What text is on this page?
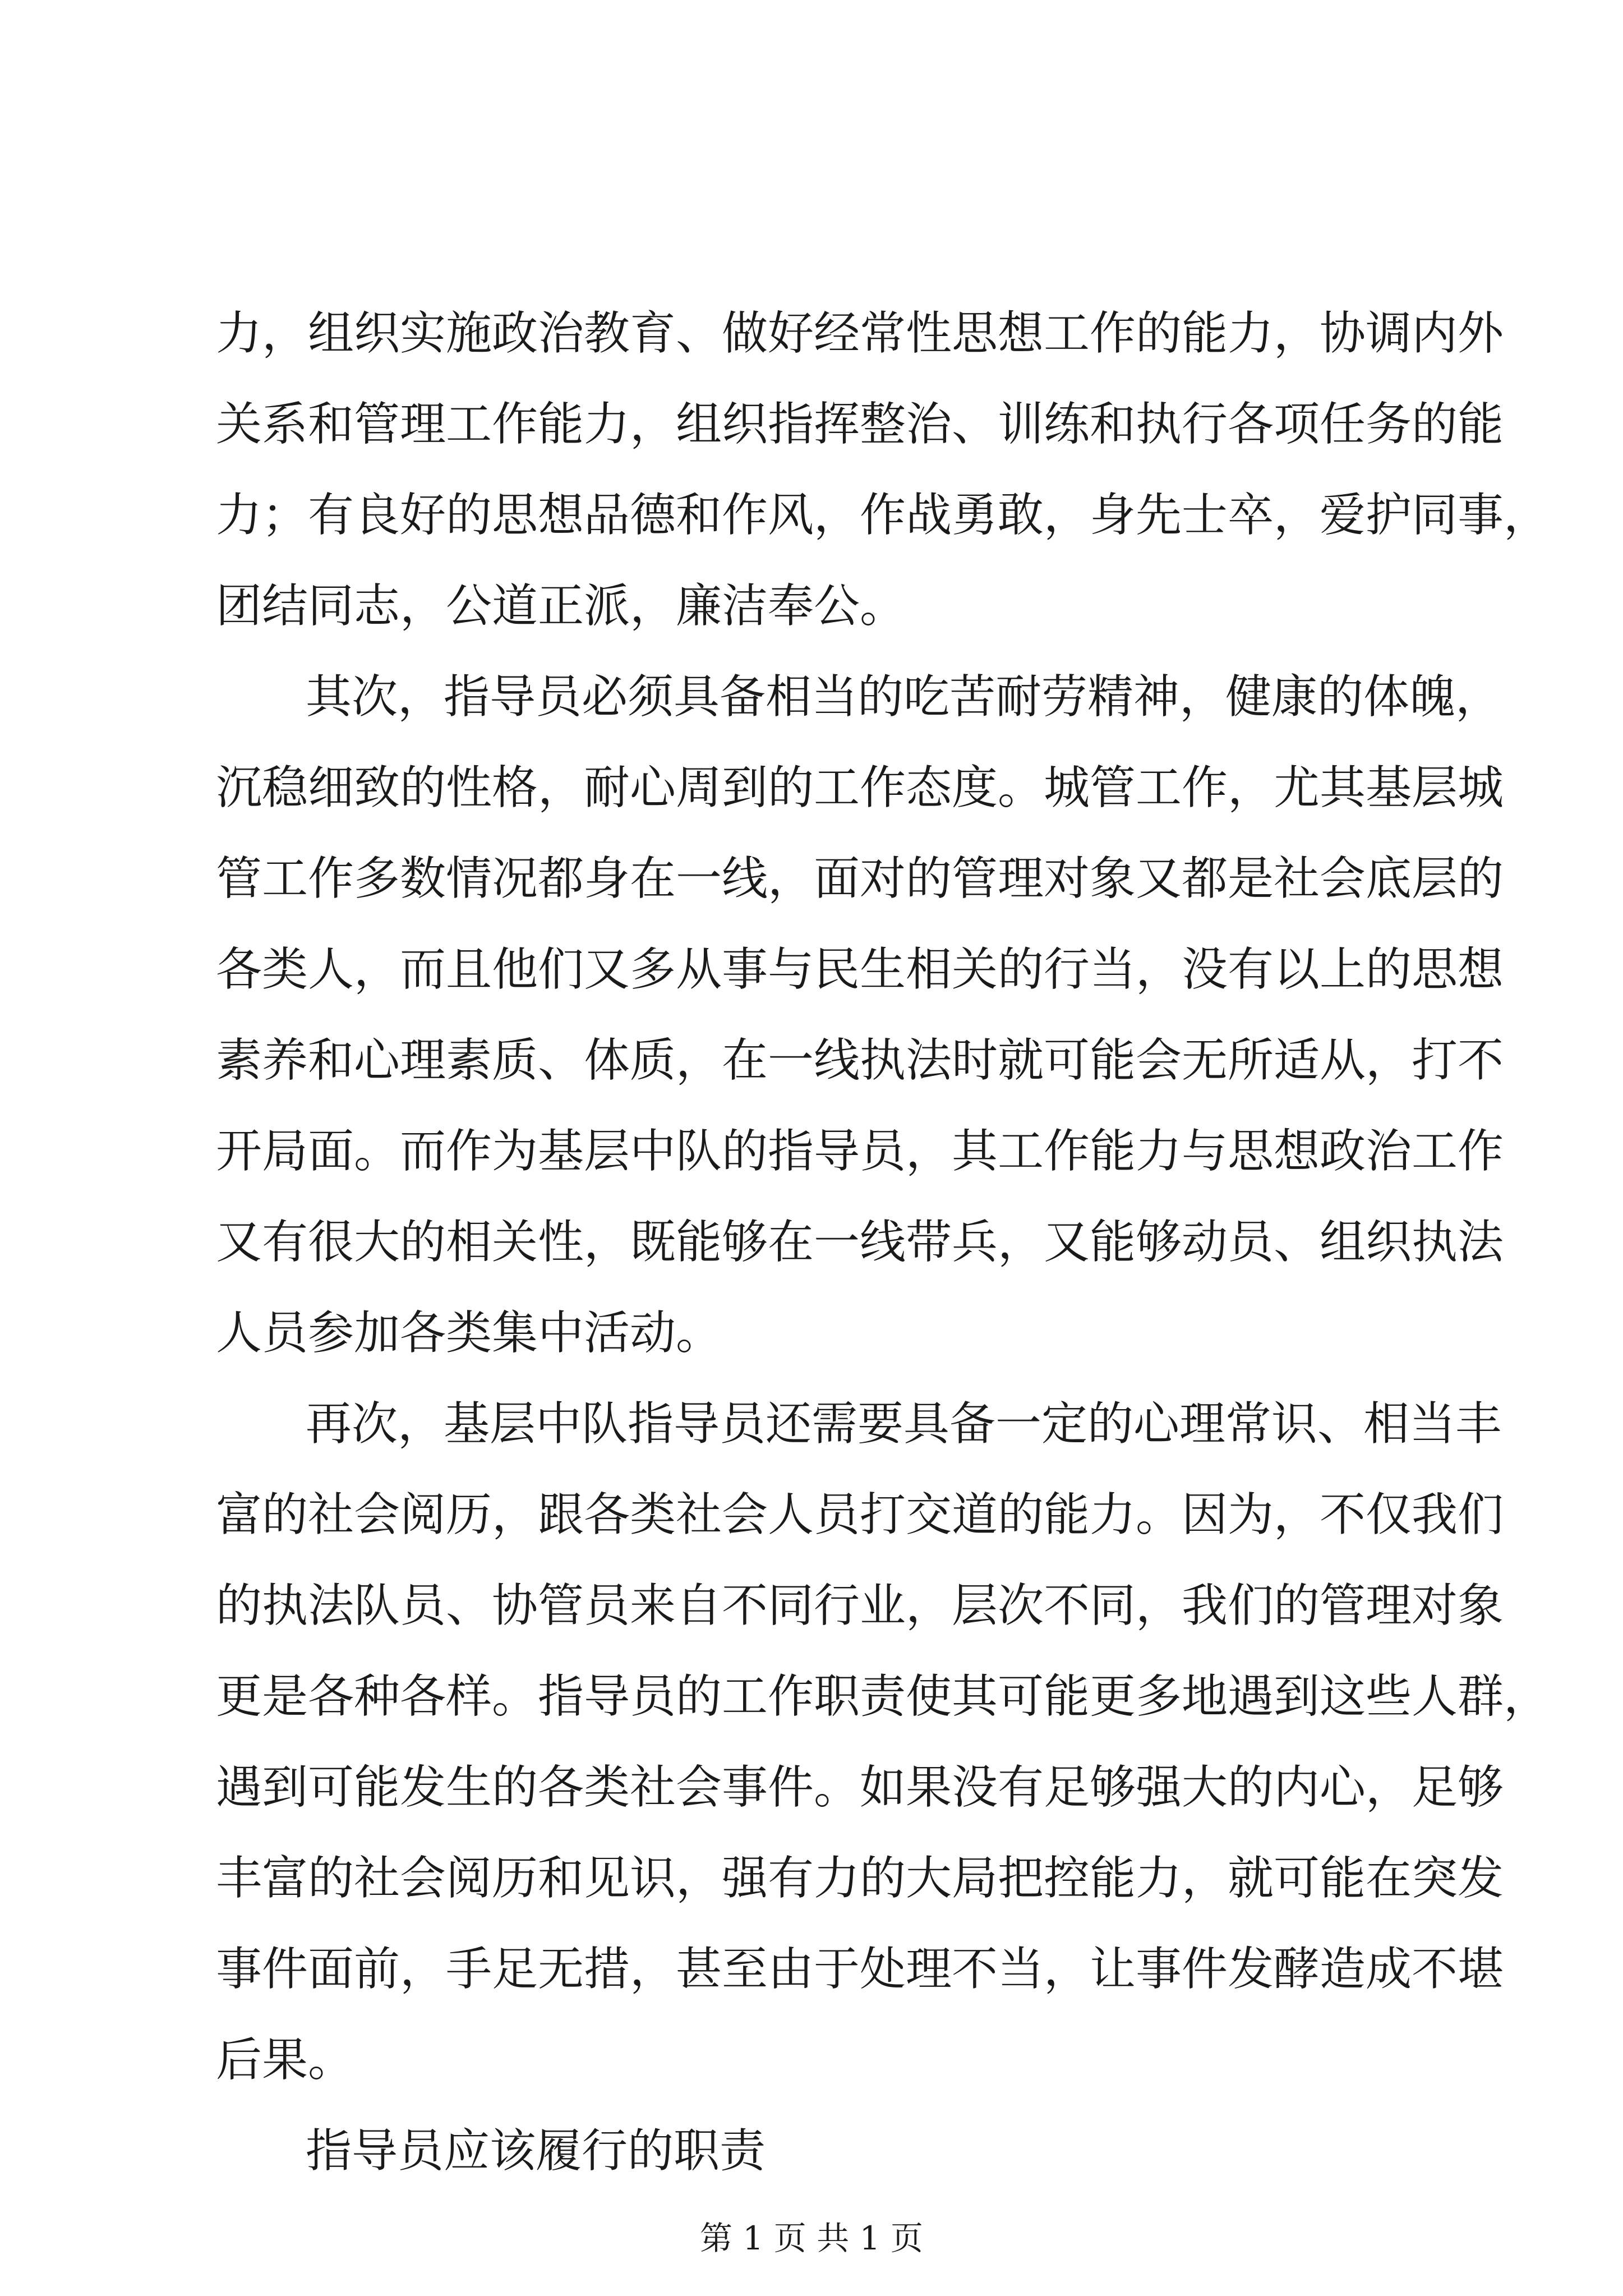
力，组织实施政治教育、做好经常性思想工作的能力，协调内外
关系和管理工作能力，组织指挥整治、训练和执行各项任务的能
力；有良好的思想品德和作风，作战勇敢，身先士卒，爱护同事，
团结同志，公道正派，廉洁奉公。
其次，指导员必须具备相当的吃苦耐劳精神，健康的体魄，
沉稳细致的性格，耐心周到的工作态度。城管工作，尤其基层城
管工作多数情况都身在一线，面对的管理对象又都是社会底层的
各类人，而且他们又多从事与民生相关的行当，没有以上的思想
素养和心理素质、体质，在一线执法时就可能会无所适从，打不
开局面。而作为基层中队的指导员，其工作能力与思想政治工作
又有很大的相关性，既能够在一线带兵，又能够动员、组织执法
人员参加各类集中活动。
再次，基层中队指导员还需要具备一定的心理常识、相当丰
富的社会阅历，跟各类社会人员打交道的能力。因为，不仅我们
的执法队员、协管员来自不同行业，层次不同，我们的管理对象
更是各种各样。指导员的工作职责使其可能更多地遇到这些人群，
遇到可能发生的各类社会事件。如果没有足够强大的内心，足够
丰富的社会阅历和见识，强有力的大局把控能力，就可能在突发
事件面前，手足无措，甚至由于处理不当，让事件发酵造成不堪
后果。
指导员应该履行的职责
第 1 页 共 1 页
